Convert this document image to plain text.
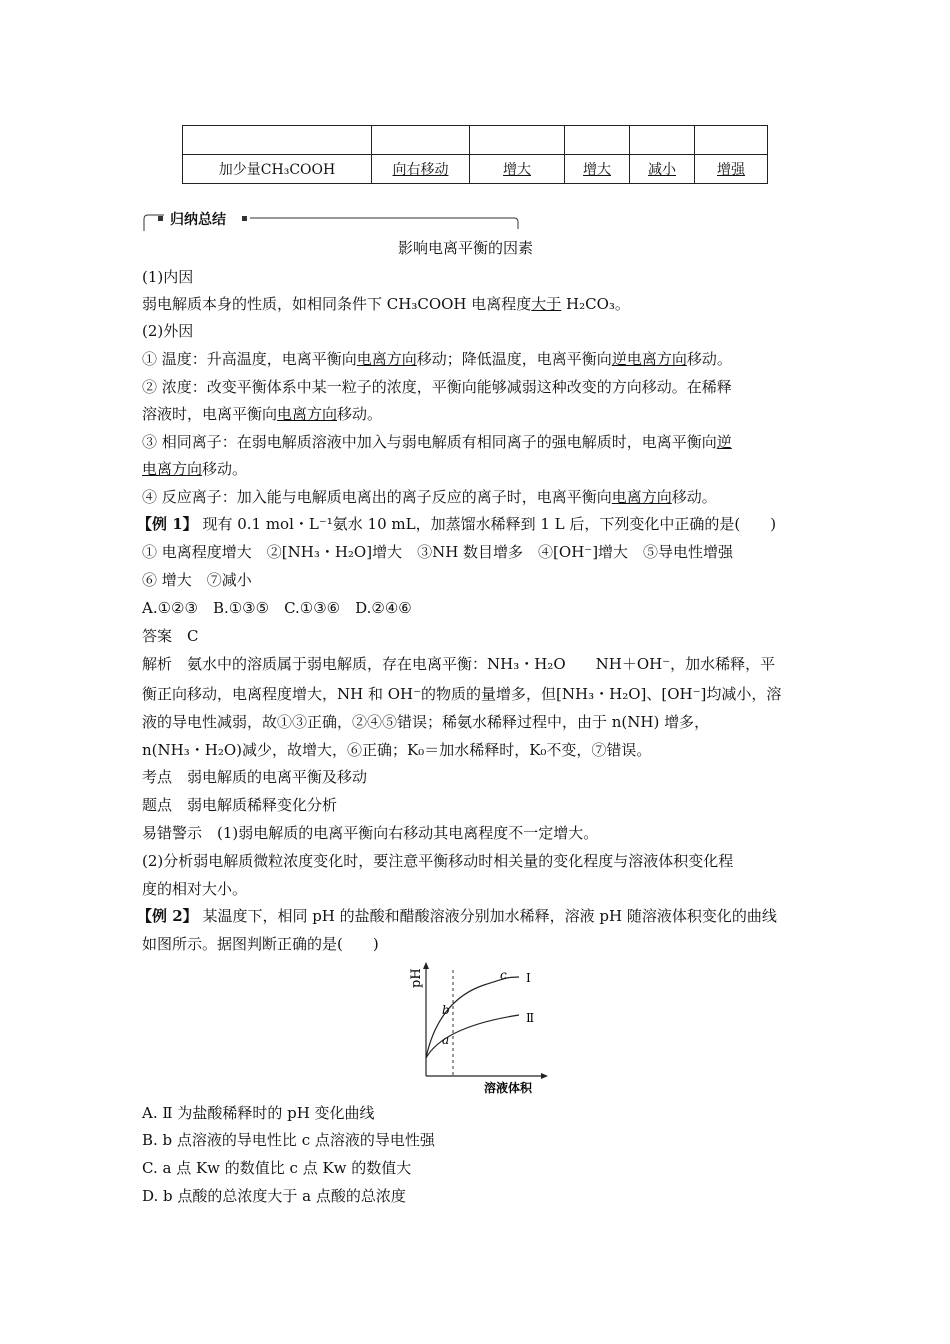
加少量CH₃COOH	向右移动	增大	增大	减小	增强
归纳总结
影响电离平衡的因素
(1)内因
弱电解质本身的性质，如相同条件下 CH₃COOH 电离程度大于 H₂CO₃。
(2)外因
① 温度：升高温度，电离平衡向电离方向移动；降低温度，电离平衡向逆电离方向移动。
② 浓度：改变平衡体系中某一粒子的浓度，平衡向能够减弱这种改变的方向移动。在稀释
溶液时，电离平衡向电离方向移动。
③ 相同离子：在弱电解质溶液中加入与弱电解质有相同离子的强电解质时，电离平衡向逆
电离方向移动。
④ 反应离子：加入能与电解质电离出的离子反应的离子时，电离平衡向电离方向移动。
【例 1】 现有 0.1 mol・L⁻¹氨水 10 mL，加蒸馏水稀释到 1 L 后，下列变化中正确的是(　　)
① 电离程度增大　②[NH₃・H₂O]增大　③NH 数目增多　④[OH⁻]增大　⑤导电性增强
⑥ 增大　⑦减小
A.①②③　B.①③⑤　C.①③⑥　D.②④⑥
答案　C
解析　氨水中的溶质属于弱电解质，存在电离平衡：NH₃・H₂O　　NH＋OH⁻，加水稀释，平
衡正向移动，电离程度增大，NH 和 OH⁻的物质的量增多，但[NH₃・H₂O]、[OH⁻]均减小，溶
液的导电性减弱，故①③正确，②④⑤错误；稀氨水稀释过程中，由于 n(NH) 增多，
n(NH₃・H₂O)减少，故增大，⑥正确；K₀＝加水稀释时，K₀不变，⑦错误。
考点　弱电解质的电离平衡及移动
题点　弱电解质稀释变化分析
易错警示　(1)弱电解质的电离平衡向右移动其电离程度不一定增大。
(2)分析弱电解质微粒浓度变化时，要注意平衡移动时相关量的变化程度与溶液体积变化程
度的相对大小。
【例 2】 某温度下，相同 pH 的盐酸和醋酸溶液分别加水稀释，溶液 pH 随溶液体积变化的曲线
如图所示。据图判断正确的是(　　)
pH
溶液体积
Ⅰ
Ⅱ
a
b
c
A. Ⅱ 为盐酸稀释时的 pH 变化曲线
B. b 点溶液的导电性比 c 点溶液的导电性强
C. a 点 Kw 的数值比 c 点 Kw 的数值大
D. b 点酸的总浓度大于 a 点酸的总浓度
